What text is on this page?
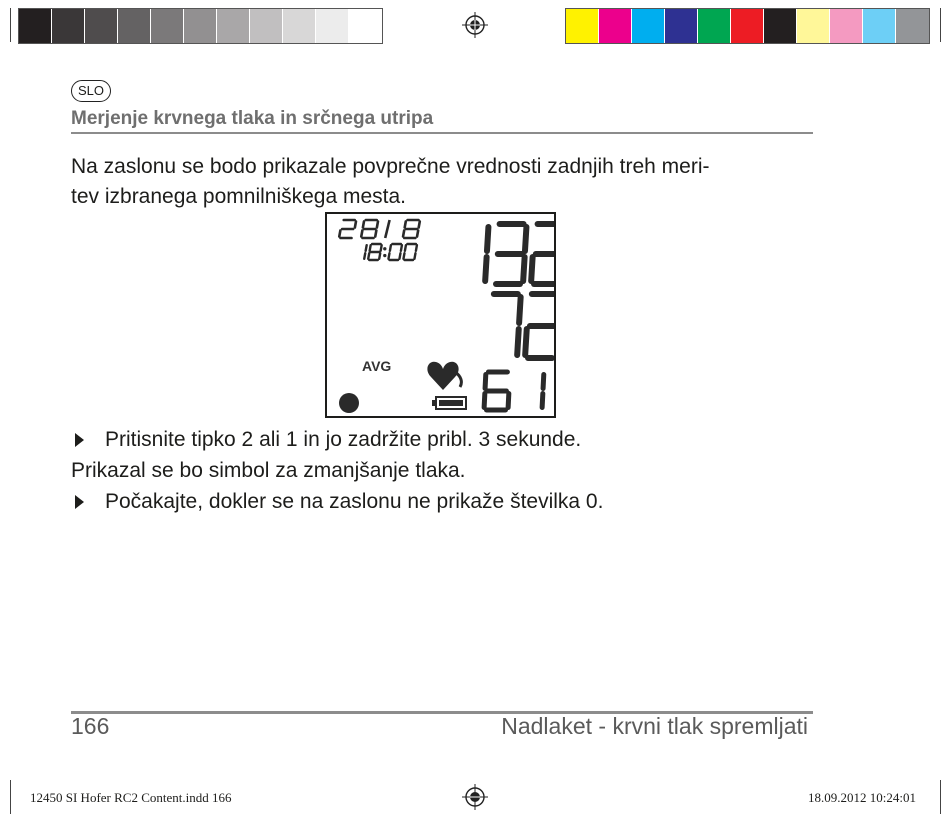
SLO
Merjenje krvnega tlaka in srčnega utripa
Na zaslonu se bodo prikazale povprečne vrednosti zadnjih treh meri-
tev izbranega pomnilniškega mesta.
AVG
Pritisnite tipko 2 ali 1 in jo zadržite pribl. 3 sekunde.
Prikazal se bo simbol za zmanjšanje tlaka.
Počakajte, dokler se na zaslonu ne prikaže številka 0.
166	Nadlaket - krvni tlak spremljati
12450 SI Hofer RC2 Content.indd 166	18.09.2012 10:24:01
